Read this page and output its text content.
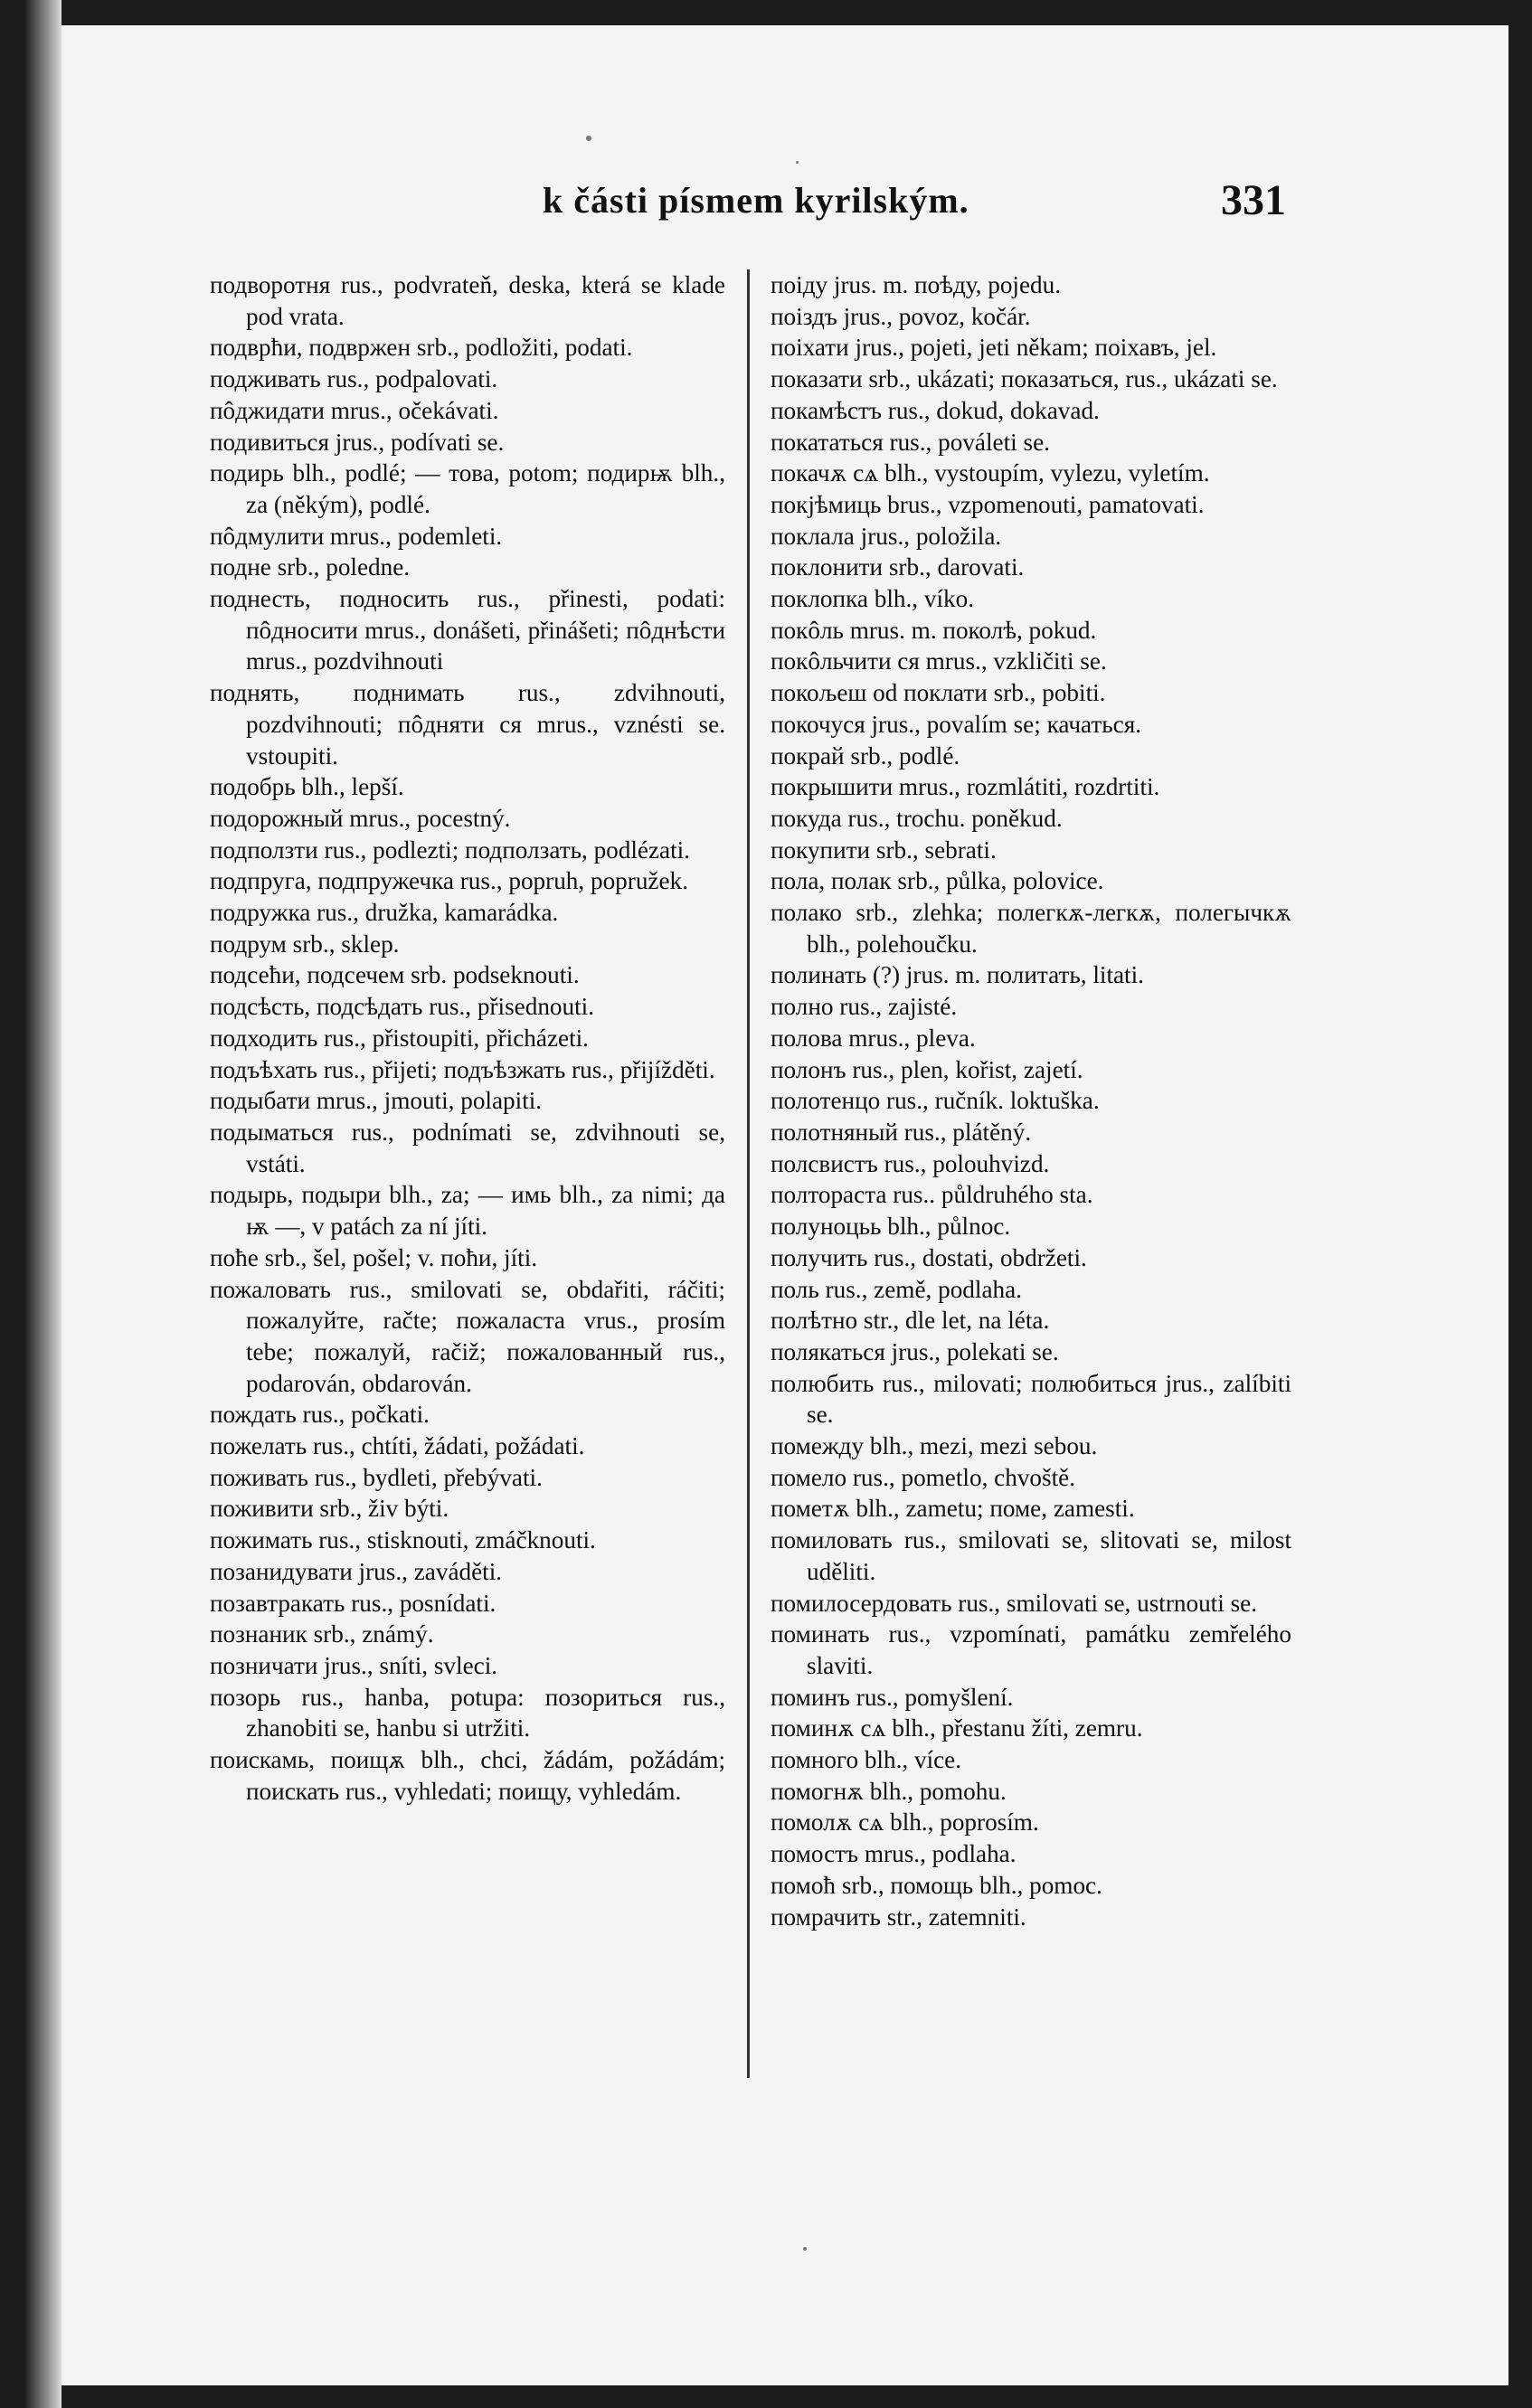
k části písmem kyrilským.	331

подворотня rus., podvrateň, deska, která se klade pod vrata.

подврħи, подвржен srb., podložiti, podati.

подживать rus., podpalovati.

пôджидати mrus., očekávati.

подивиться jrus., podívati se.

подирь blh., podlé; — това, potom; подирѭ blh., za (někým), podlé.

пôдмулити mrus., podemleti.

подне srb., poledne.

поднесть, подносить rus., přinesti, podati: пôдносити mrus., donášeti, přinášeti; пôднѣсти mrus., pozdvihnouti

поднять, поднимать rus., zdvihnouti, pozdvihnouti; пôдняти ся mrus., vznésti se. vstoupiti.

подобрь blh., lepší.

подорожный mrus., pocestný.

подползти rus., podlezti; подползать, podlézati.

подпруга, подпружечка rus., popruh, popružek.

подружка rus., družka, kamarádka.

подрум srb., sklep.

подсеħи, подсечем srb. podseknouti.

подсѣсть, подсѣдать rus., přisednouti.

подходить rus., přistoupiti, přicházeti.

подъѣхать rus., přijeti; подъѣзжать rus., přijížděti.

подыбати mrus., jmouti, polapiti.

подыматься rus., podnímati se, zdvihnouti se, vstáti.

подырь, подыри blh., za; — имь blh., za nimi; да ѭ —, v patách za ní jíti.

поħе srb., šel, pošel; v. поħи, jíti.

пожаловать rus., smilovati se, obdařiti, ráčiti; пожалуйте, račte; пожаласта vrus., prosím tebe; пожалуй, račiž; пожалованный rus., podarován, obdarován.

пождать rus., počkati.

пожелать rus., chtíti, žádati, požádati.

поживать rus., bydleti, přebývati.

поживити srb., živ býti.

пожимать rus., stisknouti, zmáčknouti.

позанидувати jrus., zaváděti.

позавтракать rus., posnídati.

познаник srb., známý.

позничати jrus., sníti, svleci.

позорь rus., hanba, potupa: позориться rus., zhanobiti se, hanbu si utržiti.

поискамь, поищѫ blh., chci, žádám, požádám; поискать rus., vyhledati; поищу, vyhledám.

поіду jrus. m. поѣду, pojedu.

поіздъ jrus., povoz, kočár.

поіхати jrus., pojeti, jeti někam; поіхавъ, jel.

показати srb., ukázati; показаться, rus., ukázati se.

покамѣстъ rus., dokud, dokavad.

покататься rus., poválеti se.

покачѫ сѧ blh., vystoupím, vylezu, vyletím.

покјѣмиць brus., vzpomenouti, pamatovati.

поклала jrus., položila.

поклонити srb., darovati.

поклопка blh., víko.

покôль mrus. m. поколѣ, pokud.

покôльчити ся mrus., vzkličiti se.

покољеш od поклати srb., pobiti.

покочуся jrus., povalím se; качаться.

покрай srb., podlé.

покрышити mrus., rozmlátiti, rozdrtiti.

покуда rus., trochu. poněkud.

покупити srb., sebrati.

пола, полак srb., půlka, polovice.

полако srb., zlehka; полегкѫ-легкѫ, полегычкѫ blh., polehoučku.

полинать (?) jrus. m. политать, litati.

полно rus., zajisté.

полова mrus., pleva.

полонъ rus., plen, kořist, zajetí.

полотенцо rus., ručník. loktuška.

полотняный rus., plátěný.

полсвистъ rus., polouhvizd.

полтораста rus.. půldruhého sta.

полуноцьь blh., půlnoc.

получить rus., dostati, obdržeti.

поль rus., země, podlaha.

полѣтно str., dle let, na léta.

полякаться jrus., polekati se.

полюбить rus., milovati; полюбиться jrus., zalíbiti se.

помежду blh., mezi, mezi sebou.

помело rus., pometlo, chvoště.

пометѫ blh., zametu; поме, zamesti.

помиловать rus., smilovati se, slitovati se, milost uděliti.

помилосердовать rus., smilovati se, ustrnouti se.

поминать rus., vzpomínati, památku zemřelého slaviti.

поминъ rus., pomyšlení.

поминѫ сѧ blh., přestanu žíti, zemru.

помного blh., více.

помогнѫ blh., pomohu.

помолѫ сѧ blh., poprosím.

помостъ mrus., podlaha.

помоħ srb., помощь blh., pomoc.

помрачить str., zatemniti.
